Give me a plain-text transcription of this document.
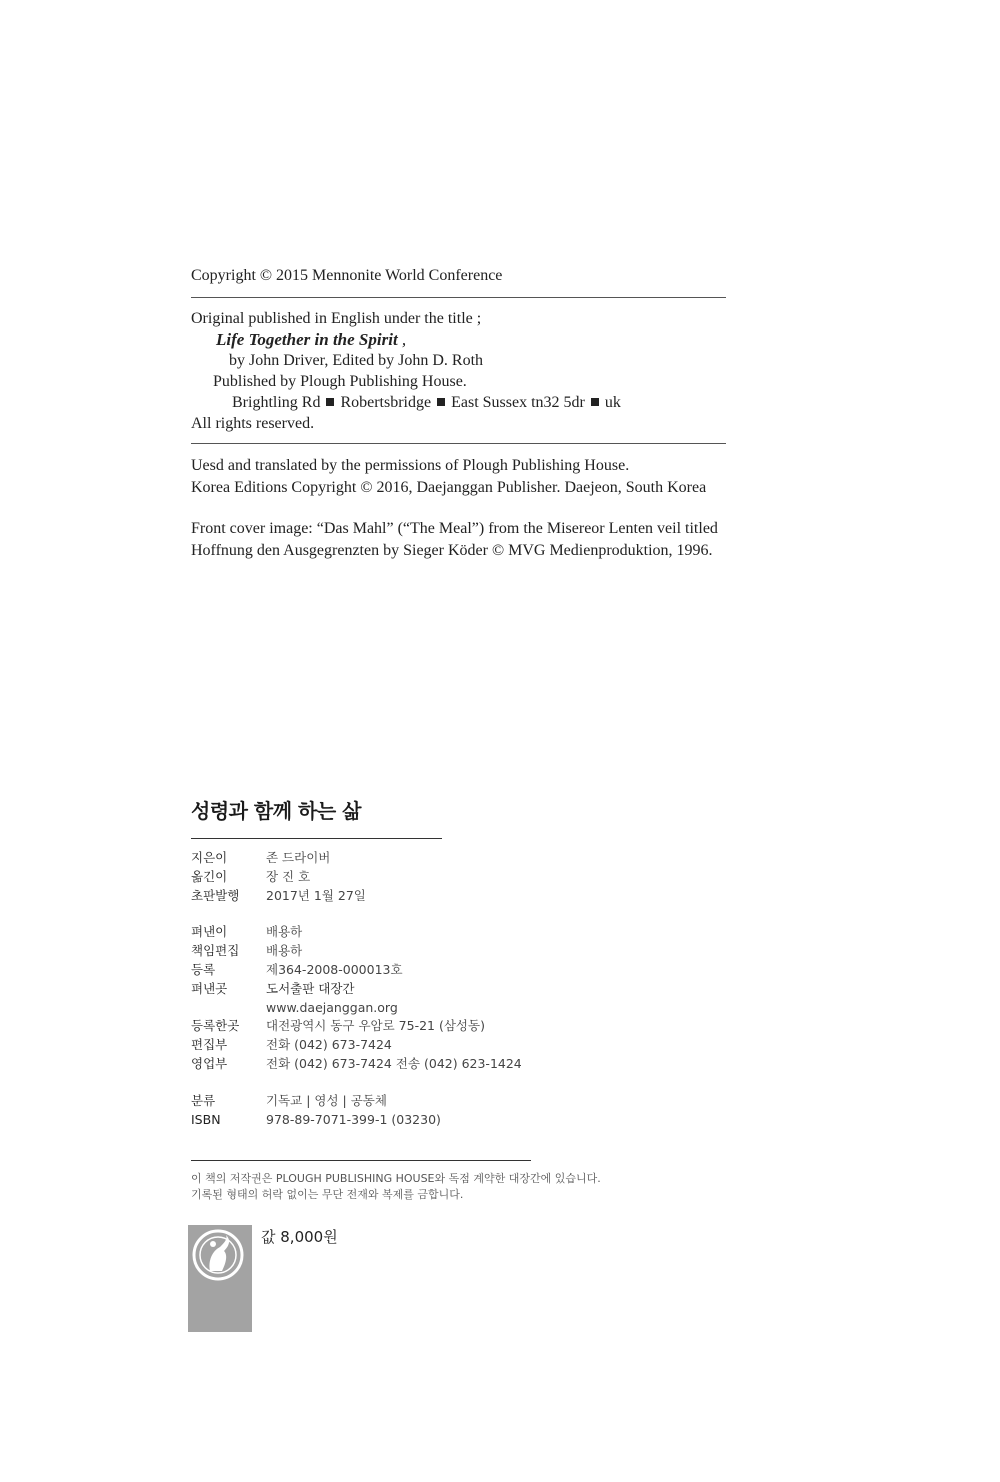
Copyright © 2015 Mennonite World Conference
Original published in English under the title ;
Life Together in the Spirit ,
by John Driver, Edited by John D. Roth
Published by Plough Publishing House.
Brightling Rd Robertsbridge East Sussex tn32 5dr uk
All rights reserved.
Uesd and translated by the permissions of Plough Publishing House.
Korea Editions Copyright © 2016, Daejanggan Publisher. Daejeon, South Korea
Front cover image: “Das Mahl” (“The Meal”) from the Misereor Lenten veil titled
Hoffnung den Ausgegrenzten by Sieger Köder © MVG Medienproduktion, 1996.
성령과 함께 하는 삶
지은이	존 드라이버
옮긴이	장 진 호
초판발행	2017년 1월 27일
펴낸이	배용하
책임편집	배용하
등록	제364-2008-000013호
펴낸곳	도서출판 대장간
www.daejanggan.org
등록한곳	대전광역시 동구 우암로 75-21 (삼성동)
편집부	전화 (042) 673-7424
영업부	전화 (042) 673-7424 전송 (042) 623-1424
분류	기독교 | 영성 | 공동체
ISBN	978-89-7071-399-1 (03230)
이 책의 저작권은 PLOUGH PUBLISHING HOUSE와 독점 계약한 대장간에 있습니다.
기록된 형태의 허락 없이는 무단 전재와 복제를 금합니다.
값 8,000원
